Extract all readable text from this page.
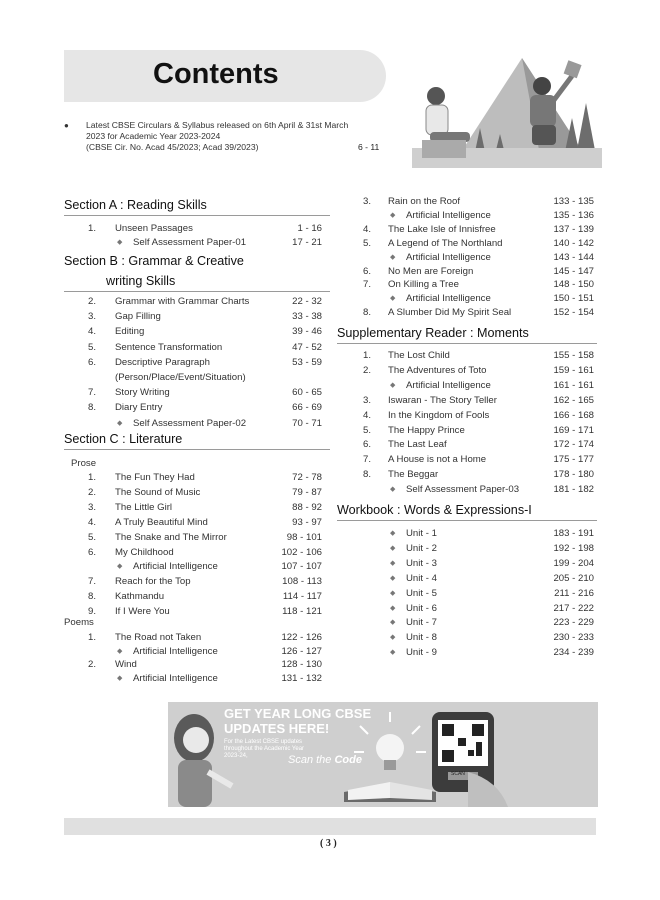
Contents
● Latest CBSE Circulars & Syllabus released on 6th April & 31st March
2023 for Academic Year 2023-2024
(CBSE Cir. No. Acad 45/2023; Acad 39/2023)	6 - 11
Section A : Reading Skills
1. Unseen Passages	1 - 16
◆ Self Assessment Paper-01	17 - 21
Section B : Grammar & Creative
writing Skills
2. Grammar with Grammar Charts	22 - 32
3. Gap Filling	33 - 38
4. Editing	39 - 46
5. Sentence Transformation	47 - 52
6. Descriptive Paragraph	53 - 59
(Person/Place/Event/Situation)
7. Story Writing	60 - 65
8. Diary Entry	66 - 69
◆ Self Assessment Paper-02	70 - 71
Section C : Literature
Prose
1. The Fun They Had	72 - 78
2. The Sound of Music	79 - 87
3. The Little Girl	88 - 92
4. A Truly Beautiful Mind	93 - 97
5. The Snake and The Mirror	98 - 101
6. My Childhood	102 - 106
◆ Artificial Intelligence	107 - 107
7. Reach for the Top	108 - 113
8. Kathmandu	114 - 117
9. If I Were You	118 - 121
Poems
1. The Road not Taken	122 - 126
◆ Artificial Intelligence	126 - 127
2. Wind	128 - 130
◆ Artificial Intelligence	131 - 132
3. Rain on the Roof	133 - 135
◆ Artificial Intelligence	135 - 136
4. The Lake Isle of Innisfree	137 - 139
5. A Legend of The Northland	140 - 142
◆ Artificial Intelligence	143 - 144
6. No Men are Foreign	145 - 147
7. On Killing a Tree	148 - 150
◆ Artificial Intelligence	150 - 151
8. A Slumber Did My Spirit Seal	152 - 154
Supplementary Reader : Moments
1. The Lost Child	155 - 158
2. The Adventures of Toto	159 - 161
◆ Artificial Intelligence	161 - 161
3. Iswaran - The Story Teller	162 - 165
4. In the Kingdom of Fools	166 - 168
5. The Happy Prince	169 - 171
6. The Last Leaf	172 - 174
7. A House is not a Home	175 - 177
8. The Beggar	178 - 180
◆ Self Assessment Paper-03	181 - 182
Workbook : Words & Expressions-I
◆ Unit - 1	183 - 191
◆ Unit - 2	192 - 198
◆ Unit - 3	199 - 204
◆ Unit - 4	205 - 210
◆ Unit - 5	211 - 216
◆ Unit - 6	217 - 222
◆ Unit - 7	223 - 229
◆ Unit - 8	230 - 233
◆ Unit - 9	234 - 239
GET YEAR LONG CBSE
UPDATES HERE!
For the Latest CBSE updates
throughout the Academic Year
2023-24,	Scan the Code
SCAN
( 3 )
